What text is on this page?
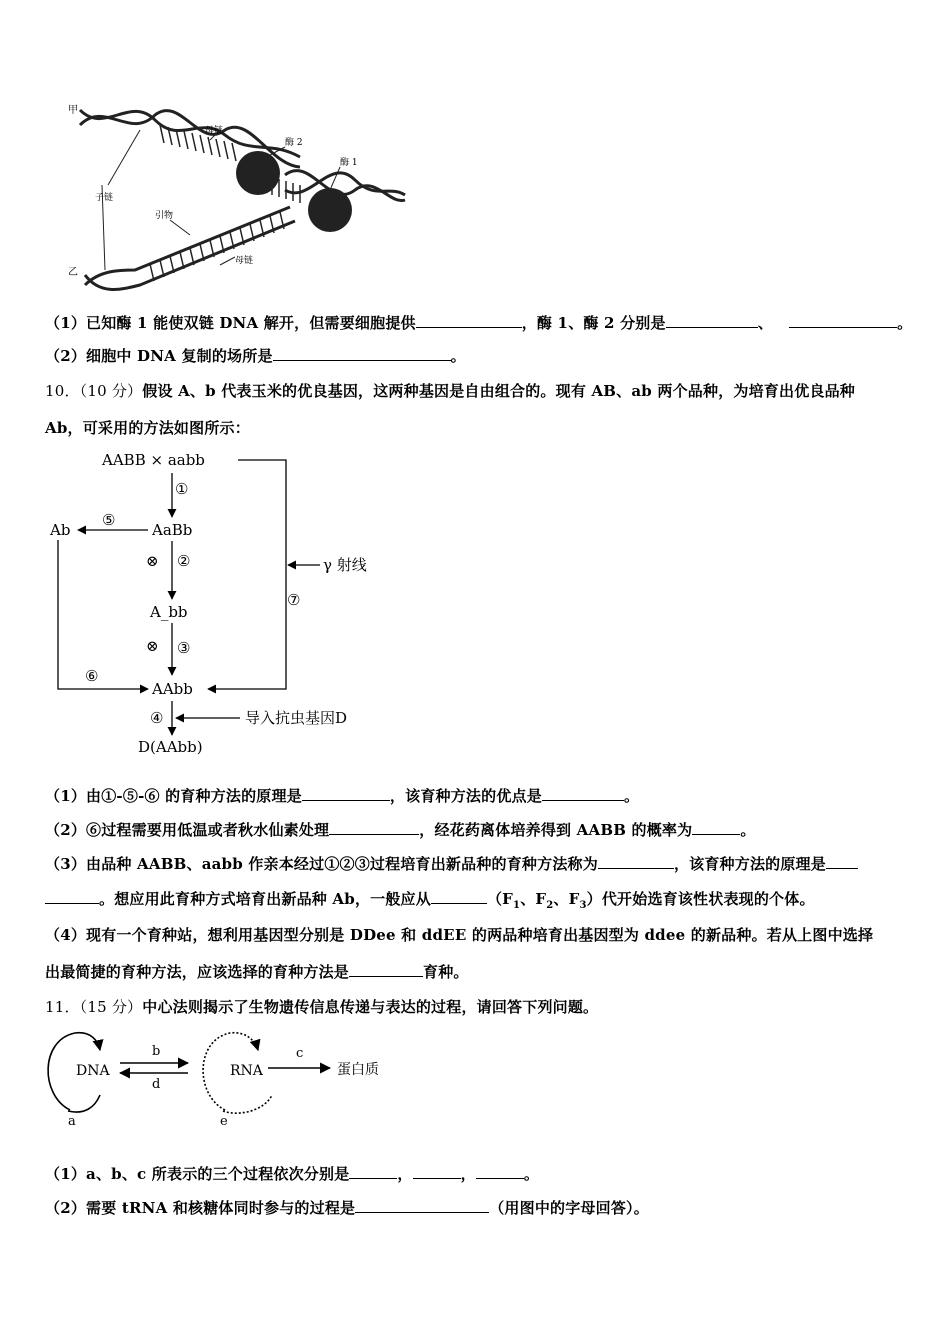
甲
母链
酶 2
酶 1
子链
引物
乙
母链
（1）已知酶 1 能使双链 DNA 解开，但需要细胞提供	，酶 1、酶 2 分别是	、	。
（2）细胞中 DNA 复制的场所是	。
10．（10 分）假设 A、b 代表玉米的优良基因，这两种基因是自由组合的。现有 AB、ab 两个品种，为培育出优良品种
Ab，可采用的方法如图所示：
AABB × aabb
AaBb
A_bb
AAbb
Ab
D(AAbb)
①
②
③
④
⑤
⑥
⑦
⊗
⊗
γ 射线
导入抗虫基因D
（1）由①-⑤-⑥ 的育种方法的原理是	，该育种方法的优点是	。
（2）⑥过程需要用低温或者秋水仙素处理	，经花药离体培养得到 AABB 的概率为	。
（3）由品种 AABB、aabb 作亲本经过①②③过程培育出新品种的育种方法称为	，该育种方法的原理是
。想应用此育种方式培育出新品种 Ab，一般应从	（$F_1$、$F_2$、$F_3$）代开始选育该性状表现的个体。
（4）现有一个育种站，想利用基因型分别是 DDee 和 ddEE 的两品种培育出基因型为 ddee 的新品种。若从上图中选择
出最简捷的育种方法，应该选择的育种方法是	育种。
11．（15 分）中心法则揭示了生物遗传信息传递与表达的过程，请回答下列问题。
DNA	RNA	蛋白质
a
b	c
d
e
（1）a、b、c 所表示的三个过程依次分别是	，	，	。
（2）需要 tRNA 和核糖体同时参与的过程是	（用图中的字母回答）。
